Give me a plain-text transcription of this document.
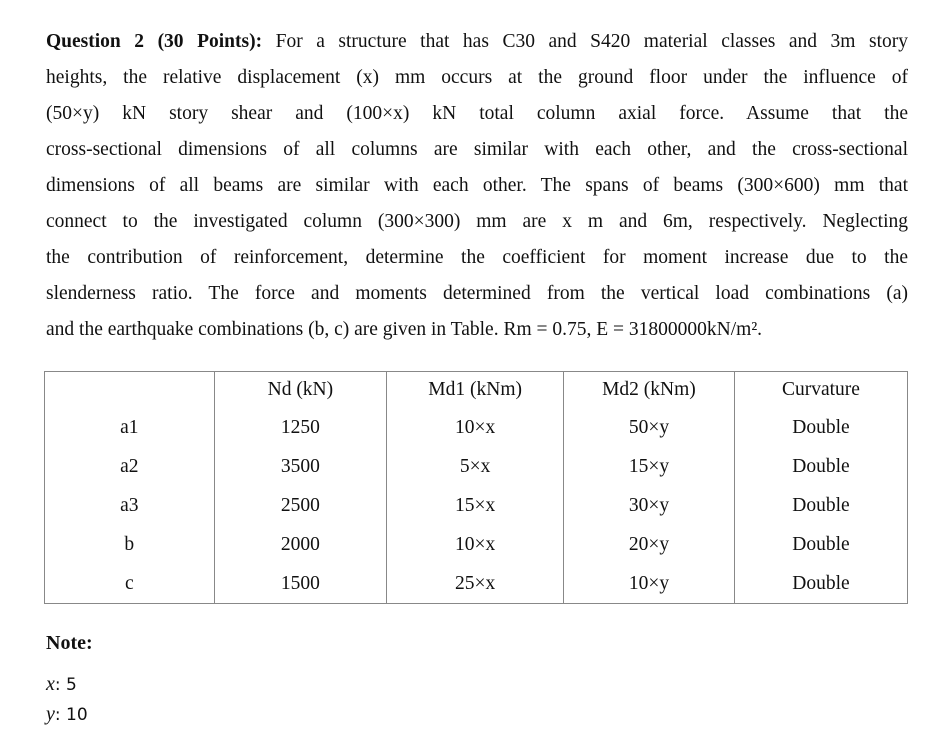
Question 2 (30 Points): For a structure that has C30 and S420 material classes and 3m story
heights, the relative displacement (x) mm occurs at the ground floor under the influence of
(50×y) kN story shear and (100×x) kN total column axial force. Assume that the
cross-sectional dimensions of all columns are similar with each other, and the cross-sectional
dimensions of all beams are similar with each other. The spans of beams (300×600) mm that
connect to the investigated column (300×300) mm are x m and 6m, respectively. Neglecting
the contribution of reinforcement, determine the coefficient for moment increase due to the
slenderness ratio. The force and moments determined from the vertical load combinations (a)
and the earthquake combinations (b, c) are given in Table. Rm = 0.75, E = 31800000kN/m².
	Nd (kN)	Md1 (kNm)	Md2 (kNm)	Curvature
a1	1250	10×x	50×y	Double
a2	3500	5×x	15×y	Double
a3	2500	15×x	30×y	Double
b	2000	10×x	20×y	Double
c	1500	25×x	10×y	Double
Note:
x: 5
y: 10
